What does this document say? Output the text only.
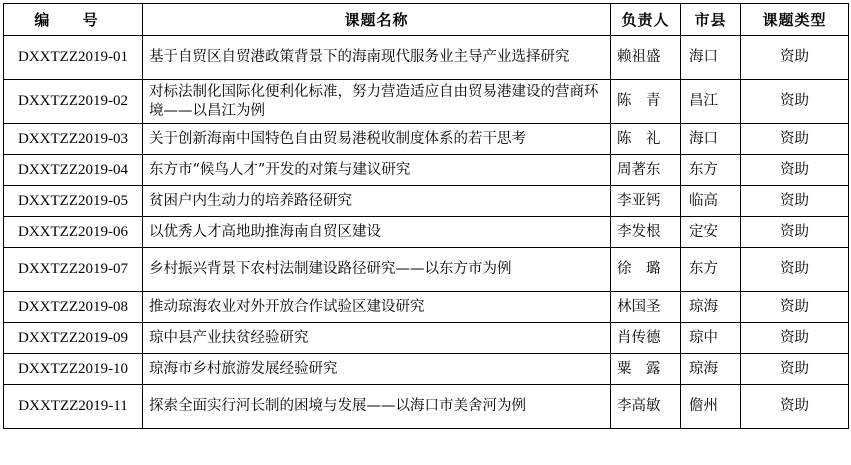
编 号	课题名称	负责人	市县	课题类型
DXXTZZ2019-01	基于自贸区自贸港政策背景下的海南现代服务业主导产业选择研究	赖祖盛	海口	资助
DXXTZZ2019-02	对标法制化国际化便利化标准，努力营造适应自由贸易港建设的营商环境——以昌江为例	陈　青	昌江	资助
DXXTZZ2019-03	关于创新海南中国特色自由贸易港税收制度体系的若干思考	陈　礼	海口	资助
DXXTZZ2019-04	东方市“候鸟人才”开发的对策与建议研究	周著东	东方	资助
DXXTZZ2019-05	贫困户内生动力的培养路径研究	李亚钙	临高	资助
DXXTZZ2019-06	以优秀人才高地助推海南自贸区建设	李发根	定安	资助
DXXTZZ2019-07	乡村振兴背景下农村法制建设路径研究——以东方市为例	徐　璐	东方	资助
DXXTZZ2019-08	推动琼海农业对外开放合作试验区建设研究	林国圣	琼海	资助
DXXTZZ2019-09	琼中县产业扶贫经验研究	肖传德	琼中	资助
DXXTZZ2019-10	琼海市乡村旅游发展经验研究	粟　露	琼海	资助
DXXTZZ2019-11	探索全面实行河长制的困境与发展——以海口市美舍河为例	李高敏	儋州	资助
